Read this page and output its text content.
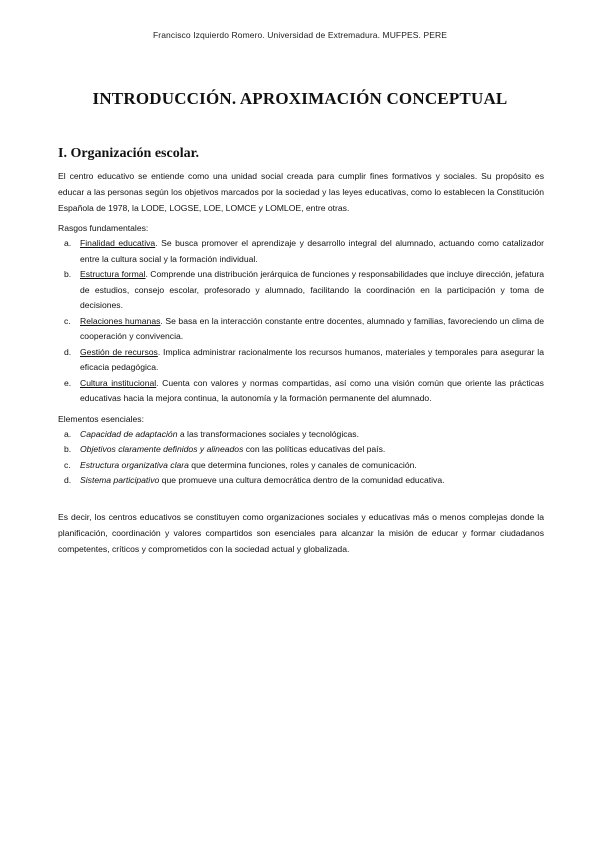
Francisco Izquierdo Romero. Universidad de Extremadura. MUFPES. PERE
INTRODUCCIÓN. APROXIMACIÓN CONCEPTUAL
I. Organización escolar.

El centro educativo se entiende como una unidad social creada para cumplir fines formativos y sociales. Su propósito es educar a las personas según los objetivos marcados por la sociedad y las leyes educativas, como lo establecen la Constitución Española de 1978, la LODE, LOGSE, LOE, LOMCE y LOMLOE, entre otras.

Rasgos fundamentales:

a. Finalidad educativa. Se busca promover el aprendizaje y desarrollo integral del alumnado, actuando como catalizador entre la cultura social y la formación individual.
b. Estructura formal. Comprende una distribución jerárquica de funciones y responsabilidades que incluye dirección, jefatura de estudios, consejo escolar, profesorado y alumnado, facilitando la coordinación en la participación y toma de decisiones.
c. Relaciones humanas. Se basa en la interacción constante entre docentes, alumnado y familias, favoreciendo un clima de cooperación y convivencia.
d. Gestión de recursos. Implica administrar racionalmente los recursos humanos, materiales y temporales para asegurar la eficacia pedagógica.
e. Cultura institucional. Cuenta con valores y normas compartidas, así como una visión común que oriente las prácticas educativas hacia la mejora continua, la autonomía y la formación permanente del alumnado.

Elementos esenciales:

a. Capacidad de adaptación a las transformaciones sociales y tecnológicas.
b. Objetivos claramente definidos y alineados con las políticas educativas del país.
c. Estructura organizativa clara que determina funciones, roles y canales de comunicación.
d. Sistema participativo que promueve una cultura democrática dentro de la comunidad educativa.

Es decir, los centros educativos se constituyen como organizaciones sociales y educativas más o menos complejas donde la planificación, coordinación y valores compartidos son esenciales para alcanzar la misión de educar y formar ciudadanos competentes, críticos y comprometidos con la sociedad actual y globalizada.
